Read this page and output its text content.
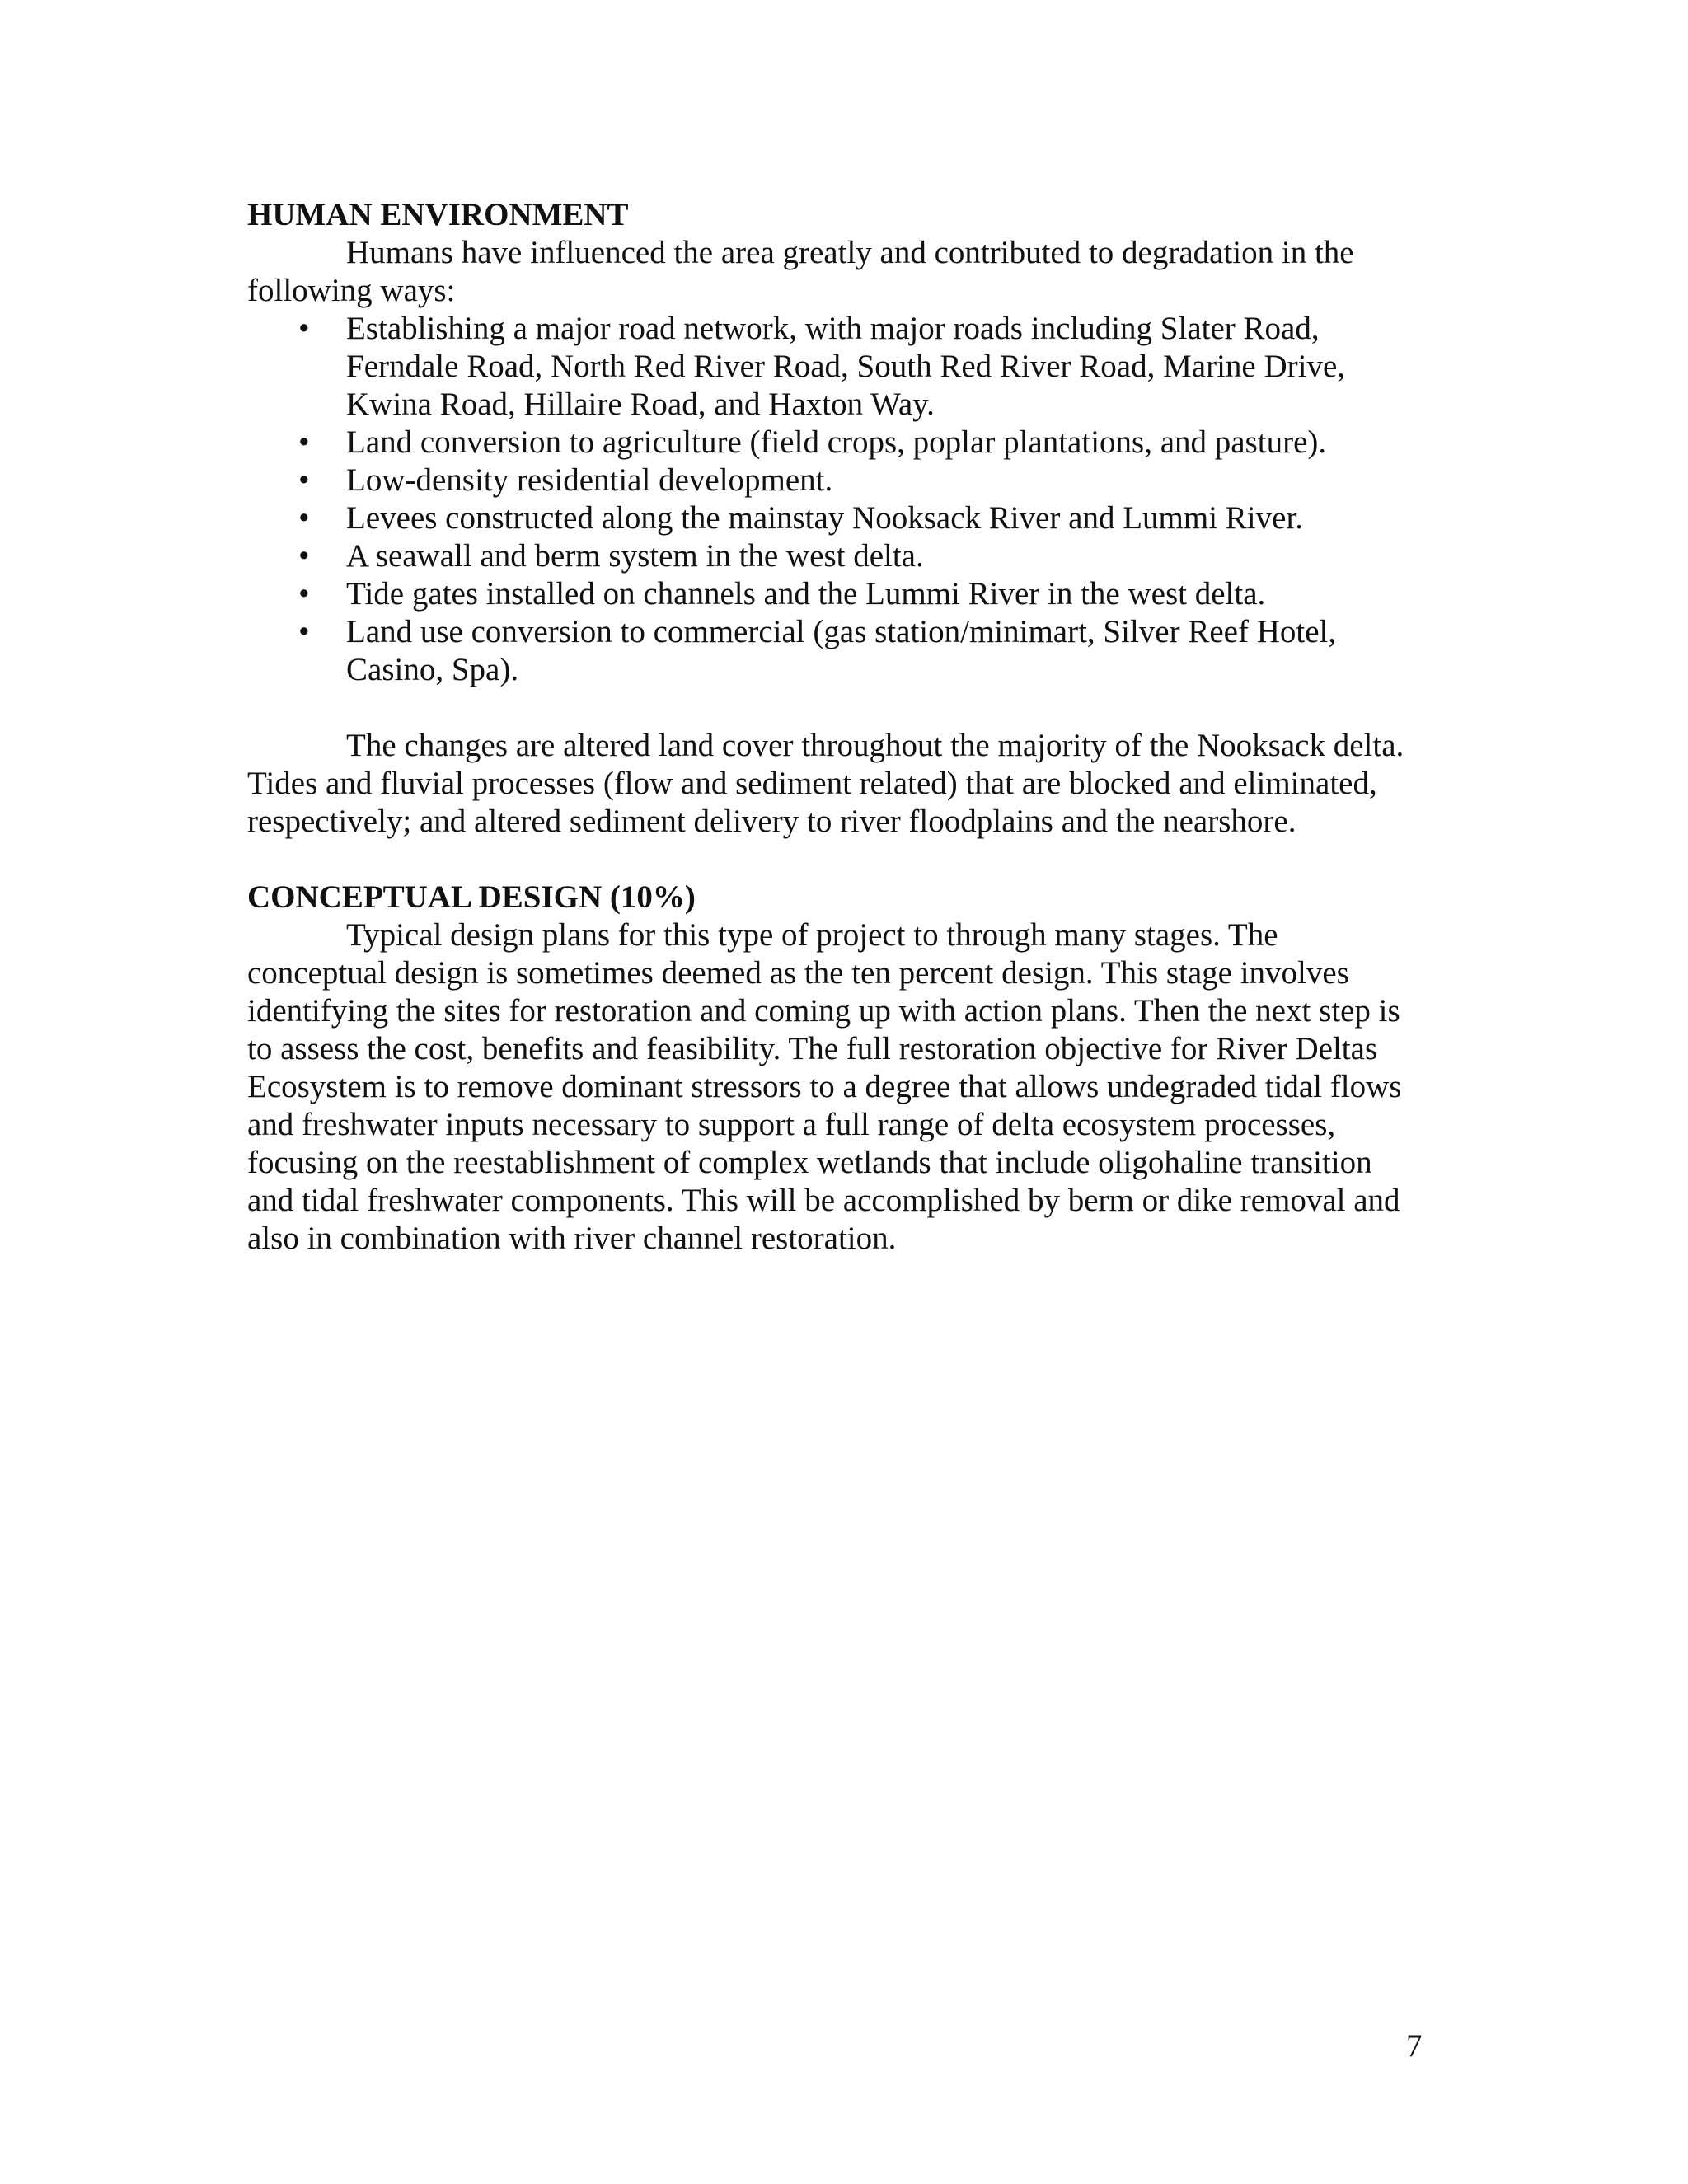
HUMAN ENVIRONMENT

Humans have influenced the area greatly and contributed to degradation in the following ways:

• Establishing a major road network, with major roads including Slater Road, Ferndale Road, North Red River Road, South Red River Road, Marine Drive, Kwina Road, Hillaire Road, and Haxton Way.
• Land conversion to agriculture (field crops, poplar plantations, and pasture).
• Low-density residential development.
• Levees constructed along the mainstay Nooksack River and Lummi River.
• A seawall and berm system in the west delta.
• Tide gates installed on channels and the Lummi River in the west delta.
• Land use conversion to commercial (gas station/minimart, Silver Reef Hotel, Casino, Spa).

The changes are altered land cover throughout the majority of the Nooksack delta. Tides and fluvial processes (flow and sediment related) that are blocked and eliminated, respectively; and altered sediment delivery to river floodplains and the nearshore.

CONCEPTUAL DESIGN (10%)

Typical design plans for this type of project to through many stages. The conceptual design is sometimes deemed as the ten percent design. This stage involves identifying the sites for restoration and coming up with action plans. Then the next step is to assess the cost, benefits and feasibility. The full restoration objective for River Deltas Ecosystem is to remove dominant stressors to a degree that allows undegraded tidal flows and freshwater inputs necessary to support a full range of delta ecosystem processes, focusing on the reestablishment of complex wetlands that include oligohaline transition and tidal freshwater components. This will be accomplished by berm or dike removal and also in combination with river channel restoration.

7
